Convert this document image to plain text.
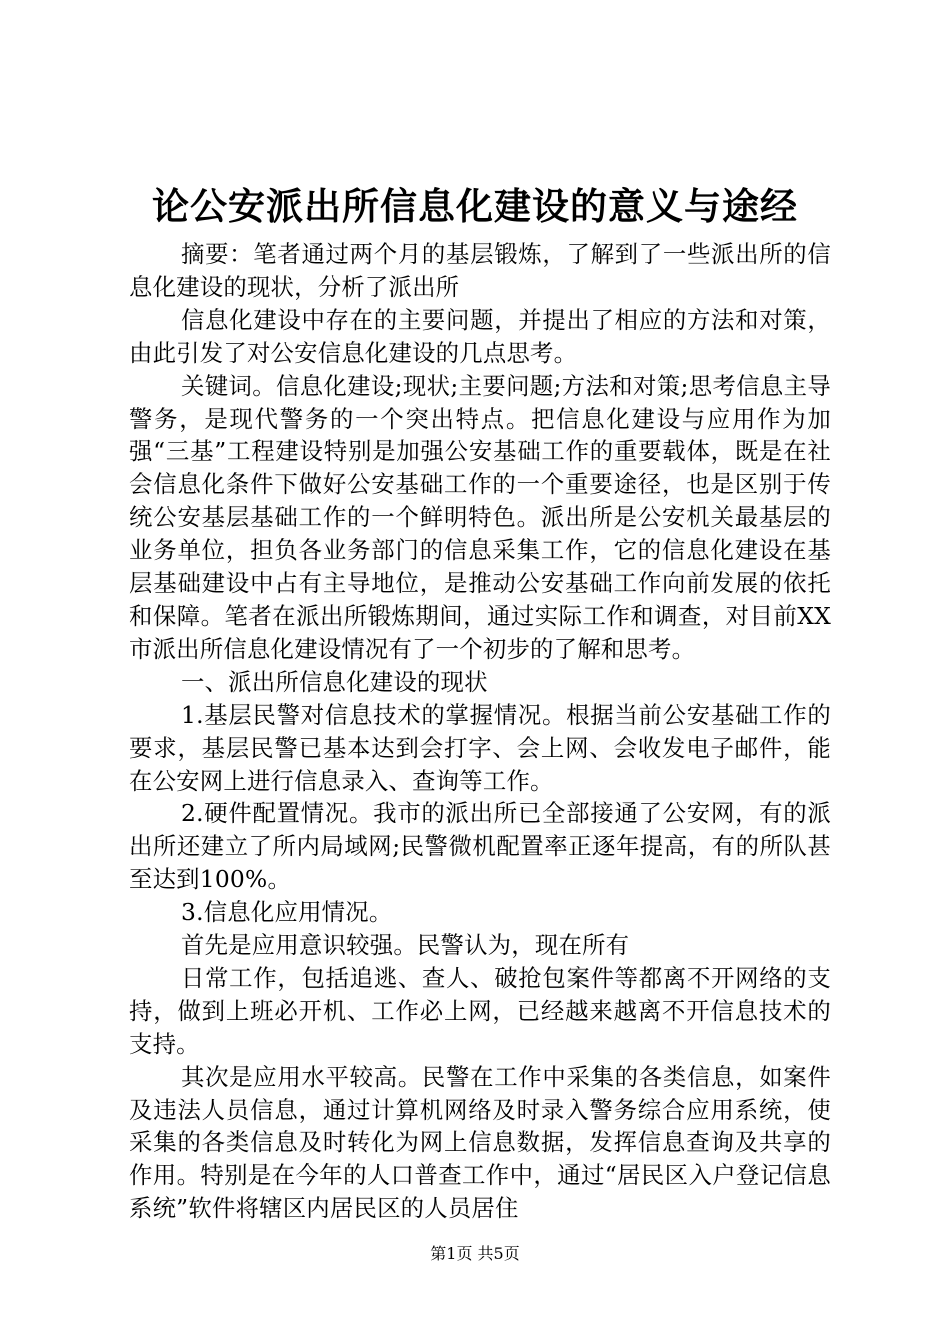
论公安派出所信息化建设的意义与途经

摘要：笔者通过两个月的基层锻炼，了解到了一些派出所的信息化建设的现状，分析了派出所

信息化建设中存在的主要问题，并提出了相应的方法和对策，由此引发了对公安信息化建设的几点思考。

关键词。信息化建设;现状;主要问题;方法和对策;思考信息主导警务，是现代警务的一个突出特点。把信息化建设与应用作为加强“三基”工程建设特别是加强公安基础工作的重要载体，既是在社会信息化条件下做好公安基础工作的一个重要途径，也是区别于传统公安基层基础工作的一个鲜明特色。派出所是公安机关最基层的业务单位，担负各业务部门的信息采集工作，它的信息化建设在基层基础建设中占有主导地位，是推动公安基础工作向前发展的依托和保障。笔者在派出所锻炼期间，通过实际工作和调查，对目前XX市派出所信息化建设情况有了一个初步的了解和思考。

一、派出所信息化建设的现状

1.基层民警对信息技术的掌握情况。根据当前公安基础工作的要求，基层民警已基本达到会打字、会上网、会收发电子邮件，能在公安网上进行信息录入、查询等工作。

2.硬件配置情况。我市的派出所已全部接通了公安网，有的派出所还建立了所内局域网;民警微机配置率正逐年提高，有的所队甚至达到100%。

3.信息化应用情况。

首先是应用意识较强。民警认为，现在所有

日常工作，包括追逃、查人、破抢包案件等都离不开网络的支持，做到上班必开机、工作必上网，已经越来越离不开信息技术的支持。

其次是应用水平较高。民警在工作中采集的各类信息，如案件及违法人员信息，通过计算机网络及时录入警务综合应用系统，使采集的各类信息及时转化为网上信息数据，发挥信息查询及共享的作用。特别是在今年的人口普查工作中，通过“居民区入户登记信息系统”软件将辖区内居民区的人员居住

第1页 共5页
